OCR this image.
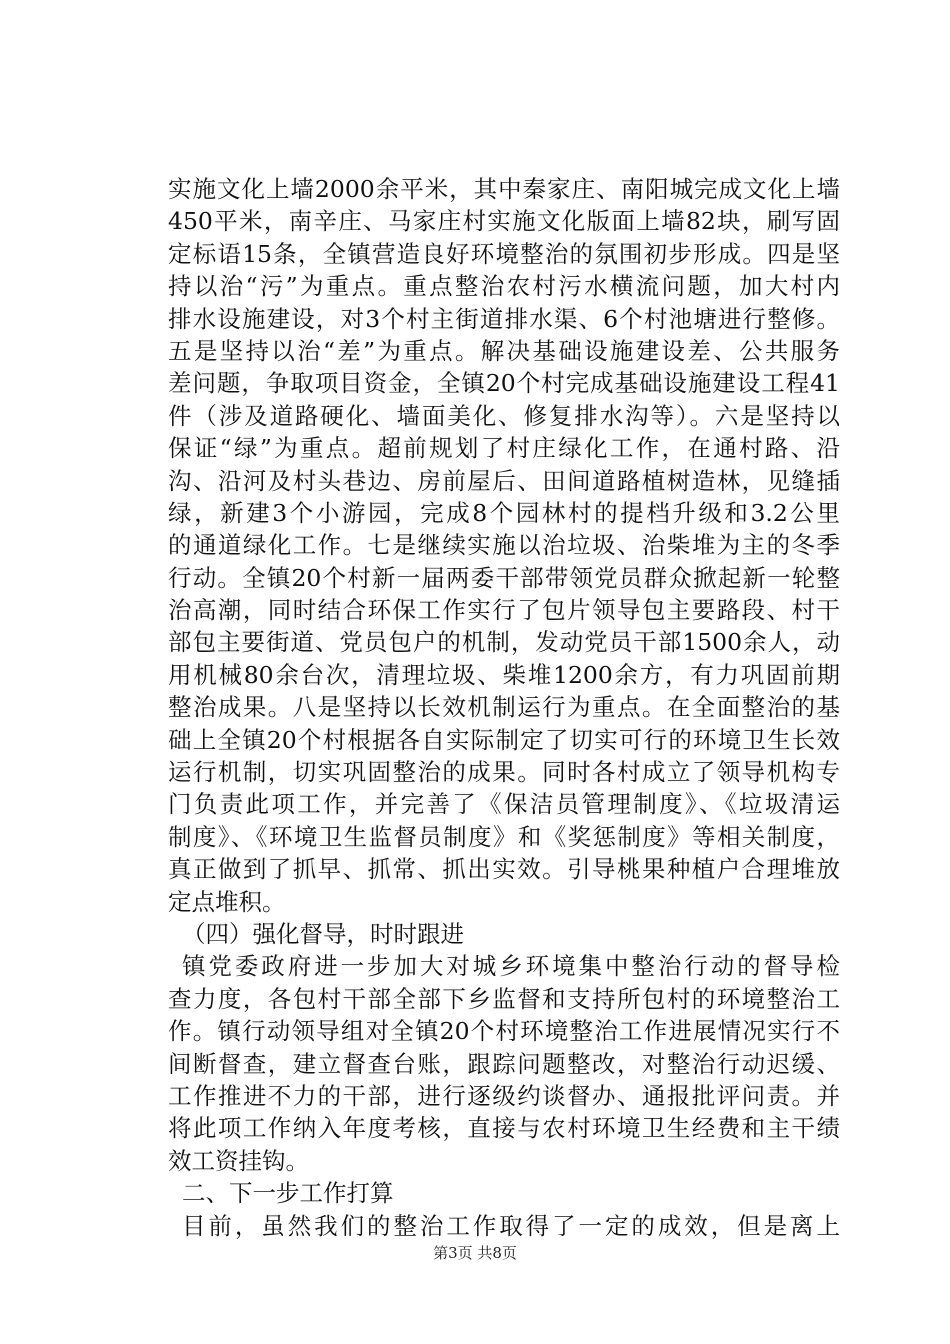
实施文化上墙2000余平米，其中秦家庄、南阳城完成文化上墙
450平米，南辛庄、马家庄村实施文化版面上墙82块，刷写固
定标语15条，全镇营造良好环境整治的氛围初步形成。四是坚
持以治“污”为重点。重点整治农村污水横流问题，加大村内
排水设施建设，对3个村主街道排水渠、6个村池塘进行整修。
五是坚持以治“差”为重点。解决基础设施建设差、公共服务
差问题，争取项目资金，全镇20个村完成基础设施建设工程41
件（涉及道路硬化、墙面美化、修复排水沟等）。六是坚持以
保证“绿”为重点。超前规划了村庄绿化工作，在通村路、沿
沟、沿河及村头巷边、房前屋后、田间道路植树造林，见缝插
绿，新建3个小游园，完成8个园林村的提档升级和3.2公里
的通道绿化工作。七是继续实施以治垃圾、治柴堆为主的冬季
行动。全镇20个村新一届两委干部带领党员群众掀起新一轮整
治高潮，同时结合环保工作实行了包片领导包主要路段、村干
部包主要街道、党员包户的机制，发动党员干部1500余人，动
用机械80余台次，清理垃圾、柴堆1200余方，有力巩固前期
整治成果。八是坚持以长效机制运行为重点。在全面整治的基
础上全镇20个村根据各自实际制定了切实可行的环境卫生长效
运行机制，切实巩固整治的成果。同时各村成立了领导机构专
门负责此项工作，并完善了《保洁员管理制度》、《垃圾清运
制度》、《环境卫生监督员制度》和《奖惩制度》等相关制度，
真正做到了抓早、抓常、抓出实效。引导桃果种植户合理堆放
定点堆积。
（四）强化督导，时时跟进
镇党委政府进一步加大对城乡环境集中整治行动的督导检
查力度，各包村干部全部下乡监督和支持所包村的环境整治工
作。镇行动领导组对全镇20个村环境整治工作进展情况实行不
间断督查，建立督查台账，跟踪问题整改，对整治行动迟缓、
工作推进不力的干部，进行逐级约谈督办、通报批评问责。并
将此项工作纳入年度考核，直接与农村环境卫生经费和主干绩
效工资挂钩。
二、下一步工作打算
目前，虽然我们的整治工作取得了一定的成效，但是离上
第3页 共8页
